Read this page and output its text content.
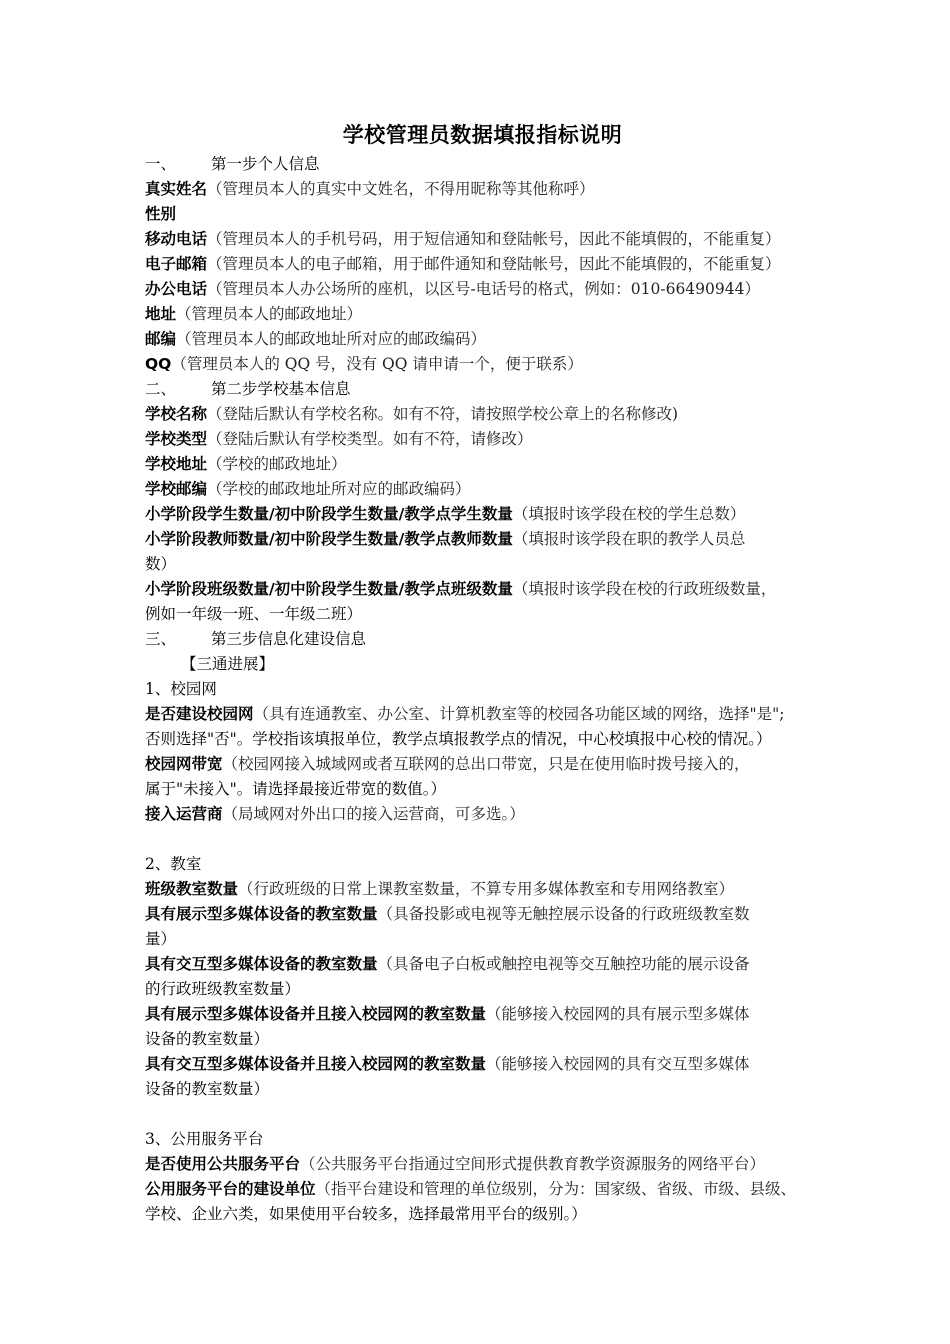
学校管理员数据填报指标说明
一、 第一步个人信息
真实姓名（管理员本人的真实中文姓名，不得用昵称等其他称呼）
性别
移动电话（管理员本人的手机号码，用于短信通知和登陆帐号，因此不能填假的，不能重复）
电子邮箱（管理员本人的电子邮箱，用于邮件通知和登陆帐号，因此不能填假的，不能重复）
办公电话（管理员本人办公场所的座机，以区号-电话号的格式，例如：010-66490944）
地址（管理员本人的邮政地址）
邮编（管理员本人的邮政地址所对应的邮政编码）
QQ（管理员本人的 QQ 号，没有 QQ 请申请一个，便于联系）
二、 第二步学校基本信息
学校名称（登陆后默认有学校名称。如有不符，请按照学校公章上的名称修改)
学校类型（登陆后默认有学校类型。如有不符，请修改）
学校地址（学校的邮政地址）
学校邮编（学校的邮政地址所对应的邮政编码）
小学阶段学生数量/初中阶段学生数量/教学点学生数量（填报时该学段在校的学生总数）
小学阶段教师数量/初中阶段学生数量/教学点教师数量（填报时该学段在职的教学人员总
数）
小学阶段班级数量/初中阶段学生数量/教学点班级数量（填报时该学段在校的行政班级数量，
例如一年级一班、一年级二班）
三、 第三步信息化建设信息
【三通进展】
1、校园网
是否建设校园网（具有连通教室、办公室、计算机教室等的校园各功能区域的网络，选择"是";
否则选择"否"。学校指该填报单位，教学点填报教学点的情况，中心校填报中心校的情况。）
校园网带宽（校园网接入城域网或者互联网的总出口带宽，只是在使用临时拨号接入的，
属于"未接入"。请选择最接近带宽的数值。）
接入运营商（局域网对外出口的接入运营商，可多选。）
2、教室
班级教室数量（行政班级的日常上课教室数量，不算专用多媒体教室和专用网络教室）
具有展示型多媒体设备的教室数量（具备投影或电视等无触控展示设备的行政班级教室数
量）
具有交互型多媒体设备的教室数量（具备电子白板或触控电视等交互触控功能的展示设备
的行政班级教室数量）
具有展示型多媒体设备并且接入校园网的教室数量（能够接入校园网的具有展示型多媒体
设备的教室数量）
具有交互型多媒体设备并且接入校园网的教室数量（能够接入校园网的具有交互型多媒体
设备的教室数量）
3、公用服务平台
是否使用公共服务平台（公共服务平台指通过空间形式提供教育教学资源服务的网络平台）
公用服务平台的建设单位（指平台建设和管理的单位级别，分为：国家级、省级、市级、县级、
学校、企业六类，如果使用平台较多，选择最常用平台的级别。）
